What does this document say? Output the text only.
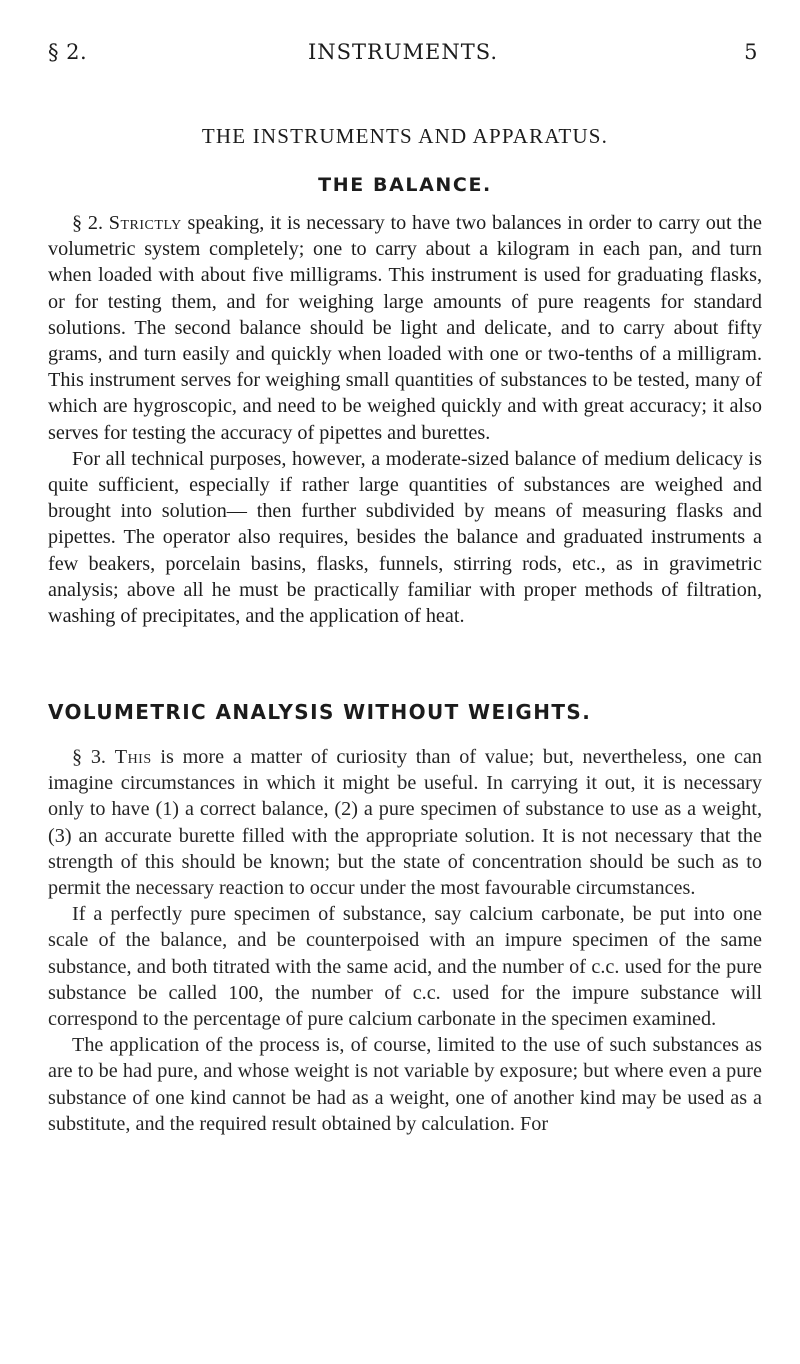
§ 2.	INSTRUMENTS.	5
THE INSTRUMENTS AND APPARATUS.
THE BALANCE.

§ 2. Strictly speaking, it is necessary to have two balances in order to carry out the volumetric system completely; one to carry about a kilogram in each pan, and turn when loaded with about five milligrams. This instrument is used for graduating flasks, or for testing them, and for weighing large amounts of pure reagents for standard solutions. The second balance should be light and delicate, and to carry about fifty grams, and turn easily and quickly when loaded with one or two-tenths of a milligram. This instrument serves for weighing small quantities of substances to be tested, many of which are hygroscopic, and need to be weighed quickly and with great accuracy; it also serves for testing the accuracy of pipettes and burettes.

For all technical purposes, however, a moderate-sized balance of medium delicacy is quite sufficient, especially if rather large quantities of substances are weighed and brought into solution— then further subdivided by means of measuring flasks and pipettes. The operator also requires, besides the balance and graduated instruments a few beakers, porcelain basins, flasks, funnels, stirring rods, etc., as in gravimetric analysis; above all he must be practically familiar with proper methods of filtration, washing of precipitates, and the application of heat.

VOLUMETRIC ANALYSIS WITHOUT WEIGHTS.

§ 3. This is more a matter of curiosity than of value; but, nevertheless, one can imagine circumstances in which it might be useful. In carrying it out, it is necessary only to have (1) a correct balance, (2) a pure specimen of substance to use as a weight, (3) an accurate burette filled with the appropriate solution. It is not necessary that the strength of this should be known; but the state of concentration should be such as to permit the necessary reaction to occur under the most favourable circumstances.

If a perfectly pure specimen of substance, say calcium carbonate, be put into one scale of the balance, and be counterpoised with an impure specimen of the same substance, and both titrated with the same acid, and the number of c.c. used for the pure substance be called 100, the number of c.c. used for the impure substance will correspond to the percentage of pure calcium carbonate in the specimen examined.

The application of the process is, of course, limited to the use of such substances as are to be had pure, and whose weight is not variable by exposure; but where even a pure substance of one kind cannot be had as a weight, one of another kind may be used as a substitute, and the required result obtained by calculation. For
